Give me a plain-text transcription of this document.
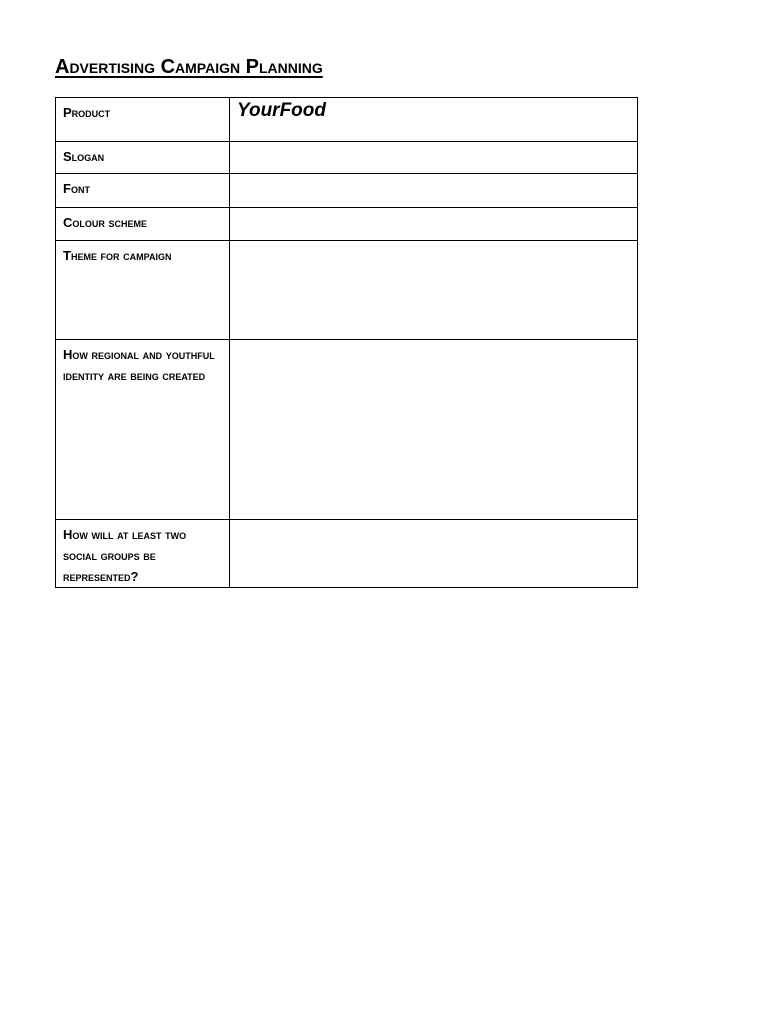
Advertising Campaign Planning
Product	YourFood

Slogan	

Font	

Colour scheme	

Theme for campaign	

How regional and youthful identity are being created	

How will at least two social groups be represented?	
